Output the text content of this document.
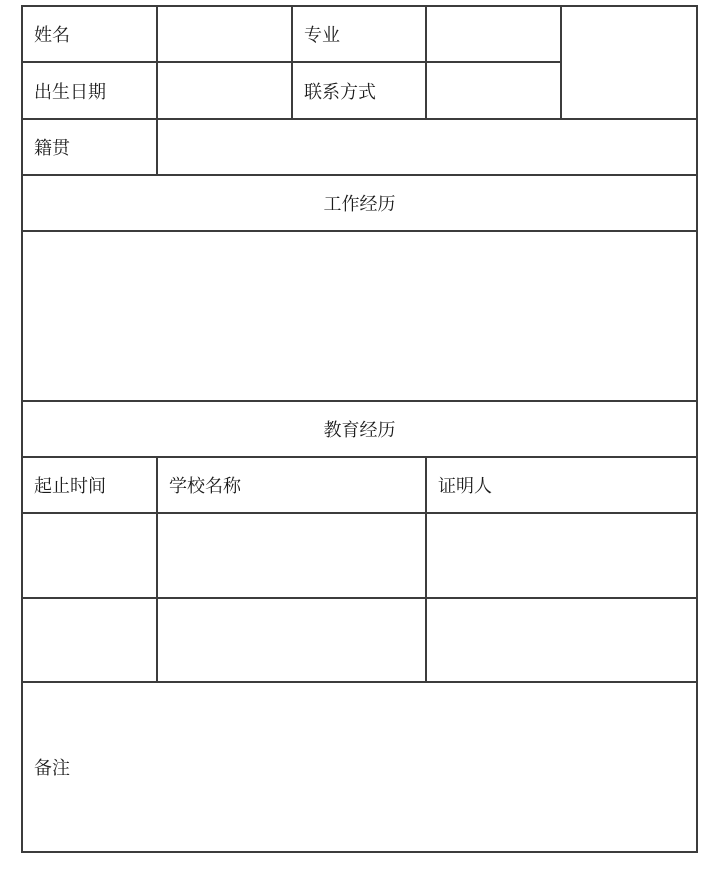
姓名		专业		
出生日期		联系方式		
籍贯				
工作经历				

教育经历				
起止时间	学校名称		证明人	

备注				
